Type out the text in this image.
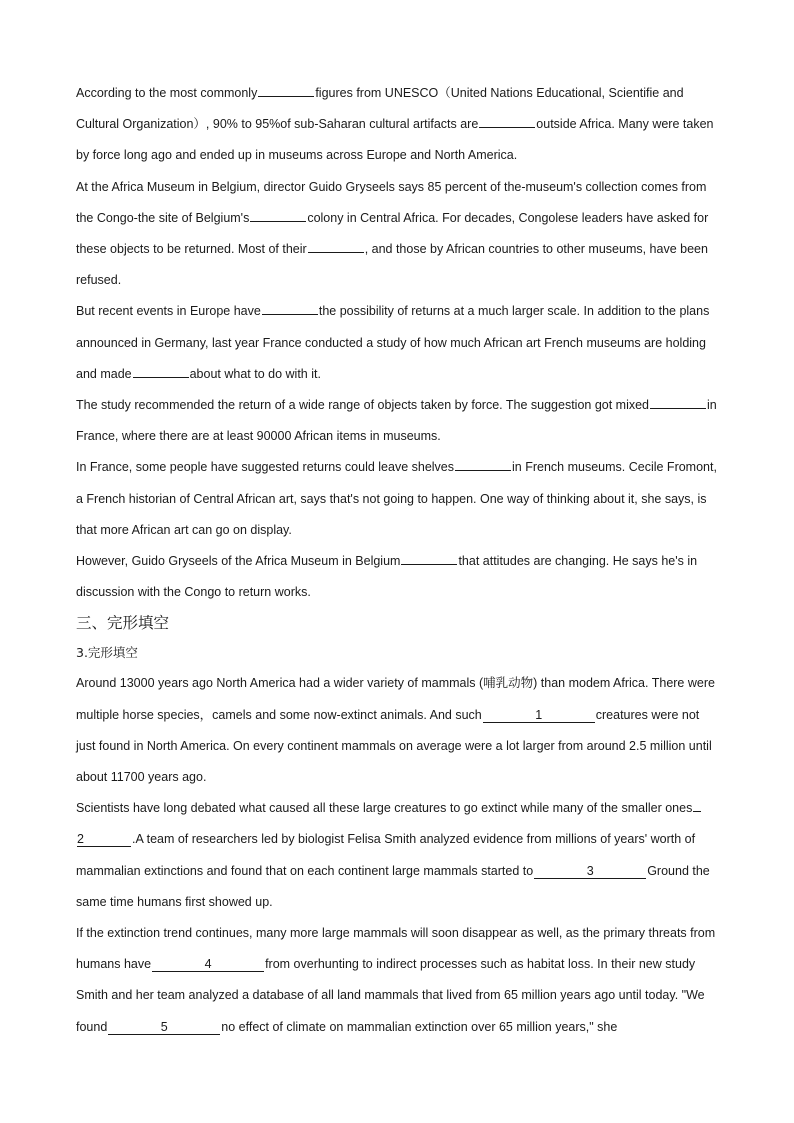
According to the most commonly	figures from UNESCO（United Nations Educational, Scientifie and Cultural Organization）, 90% to 95%of sub-Saharan cultural artifacts are	outside Africa. Many were taken by force long ago and ended up in museums across Europe and North America.

At the Africa Museum in Belgium, director Guido Gryseels says 85 percent of the-museum's collection comes from the Congo-the site of Belgium's	colony in Central Africa. For decades, Congolese leaders have asked for these objects to be returned. Most of their	, and those by African countries to other museums, have been refused.

But recent events in Europe have	the possibility of returns at a much larger scale. In addition to the plans announced in Germany, last year France conducted a study of how much African art French museums are holding and made	about what to do with it.

The study recommended the return of a wide range of objects taken by force. The suggestion got mixed	in France, where there are at least 90000 African items in museums.

In France, some people have suggested returns could leave shelves	in French museums. Cecile Fromont, a French historian of Central African art, says that's not going to happen. One way of thinking about it, she says, is that more African art can go on display.

However, Guido Gryseels of the Africa Museum in Belgium	that attitudes are changing. He says he's in discussion with the Congo to return works.

三、完形填空
3.完形填空

Around 13000 years ago North America had a wider variety of mammals (哺乳动物) than modem Africa. There were multiple horse species，camels and some now-extinct animals. And such	1	creatures were not just found in North America. On every continent mammals on average were a lot larger from around 2.5 million until about 11700 years ago.

Scientists have long debated what caused all these large creatures to go extinct while many of the smaller ones2	.A team of researchers led by biologist Felisa Smith analyzed evidence from millions of years' worth of mammalian extinctions and found that on each continent large mammals started to	3	Ground the same time humans first showed up.

If the extinction trend continues, many more large mammals will soon disappear as well, as the primary threats from humans have	4	from overhunting to indirect processes such as habitat loss. In their new study Smith and her team analyzed a database of all land mammals that lived from 65 million years ago until today. "We found	5	no effect of climate on mammalian extinction over 65 million years," she
